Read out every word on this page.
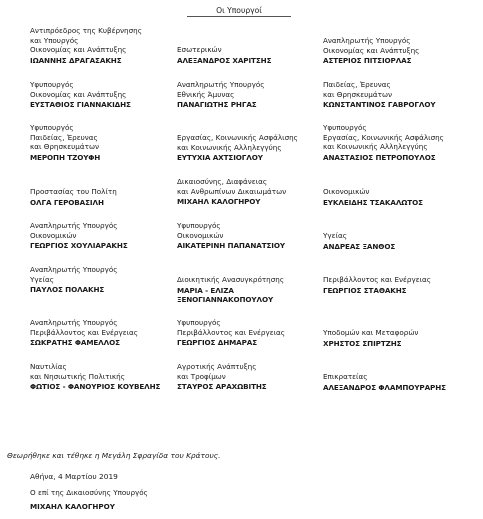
Οι Υπουργοί
Αντιπρόεδρος της Κυβέρνησης
και Υπουργός
Οικονομίας και Ανάπτυξης
ΙΩΑΝΝΗΣ ΔΡΑΓΑΣΑΚΗΣ
Εσωτερικών
ΑΛΕΞΑΝΔΡΟΣ ΧΑΡΙΤΣΗΣ
Αναπληρωτής Υπουργός
Οικονομίας και Ανάπτυξης
ΑΣΤΕΡΙΟΣ ΠΙΤΣΙΟΡΛΑΣ
Υφυπουργός
Οικονομίας και Ανάπτυξης
ΕΥΣΤΑΘΙΟΣ ΓΙΑΝΝΑΚΙΔΗΣ
Αναπληρωτής Υπουργός
Εθνικής Άμυνας
ΠΑΝΑΓΙΩΤΗΣ ΡΗΓΑΣ
Παιδείας, Έρευνας
και Θρησκευμάτων
ΚΩΝΣΤΑΝΤΙΝΟΣ ΓΑΒΡΟΓΛΟΥ
Υφυπουργός
Παιδείας, Έρευνας
και Θρησκευμάτων
ΜΕΡΟΠΗ ΤΖΟΥΦΗ
Εργασίας, Κοινωνικής Ασφάλισης
και Κοινωνικής Αλληλεγγύης
ΕΥΤΥΧΙΑ ΑΧΤΣΙΟΓΛΟΥ
Υφυπουργός
Εργασίας, Κοινωνικής Ασφάλισης
και Κοινωνικής Αλληλεγγύης
ΑΝΑΣΤΑΣΙΟΣ ΠΕΤΡΟΠΟΥΛΟΣ
Προστασίας του Πολίτη
ΟΛΓΑ ΓΕΡΟΒΑΣΙΛΗ
Δικαιοσύνης, Διαφάνειας
και Ανθρωπίνων Δικαιωμάτων
ΜΙΧΑΗΛ ΚΑΛΟΓΗΡΟΥ
Οικονομικών
ΕΥΚΛΕΙΔΗΣ ΤΣΑΚΑΛΩΤΟΣ
Αναπληρωτής Υπουργός
Οικονομικών
ΓΕΩΡΓΙΟΣ ΧΟΥΛΙΑΡΑΚΗΣ
Υφυπουργός
Οικονομικών
ΑΙΚΑΤΕΡΙΝΗ ΠΑΠΑΝΑΤΣΙΟΥ
Υγείας
ΑΝΔΡΕΑΣ ΞΑΝΘΟΣ
Αναπληρωτής Υπουργός
Υγείας
ΠΑΥΛΟΣ ΠΟΛΑΚΗΣ
Διοικητικής Ανασυγκρότησης
ΜΑΡΙΑ - ΕΛΙΖΑ
ΞΕΝΟΓΙΑΝΝΑΚΟΠΟΥΛΟΥ
Περιβάλλοντος και Ενέργειας
ΓΕΩΡΓΙΟΣ ΣΤΑΘΑΚΗΣ
Αναπληρωτής Υπουργός
Περιβάλλοντος και Ενέργειας
ΣΩΚΡΑΤΗΣ ΦΑΜΕΛΛΟΣ
Υφυπουργός
Περιβάλλοντος και Ενέργειας
ΓΕΩΡΓΙΟΣ ΔΗΜΑΡΑΣ
Υποδομών και Μεταφορών
ΧΡΗΣΤΟΣ ΣΠΙΡΤΖΗΣ
Ναυτιλίας
και Νησιωτικής Πολιτικής
ΦΩΤΙΟΣ - ΦΑΝΟΥΡΙΟΣ ΚΟΥΒΕΛΗΣ
Αγροτικής Ανάπτυξης
και Τροφίμων
ΣΤΑΥΡΟΣ ΑΡΑΧΩΒΙΤΗΣ
Επικρατείας
ΑΛΕΞΑΝΔΡΟΣ ΦΛΑΜΠΟΥΡΑΡΗΣ
Θεωρήθηκε και τέθηκε η Μεγάλη Σφραγίδα του Κράτους.
Αθήνα, 4 Μαρτίου 2019
Ο επί της Δικαιοσύνης Υπουργός
ΜΙΧΑΗΛ ΚΑΛΟΓΗΡΟΥ
